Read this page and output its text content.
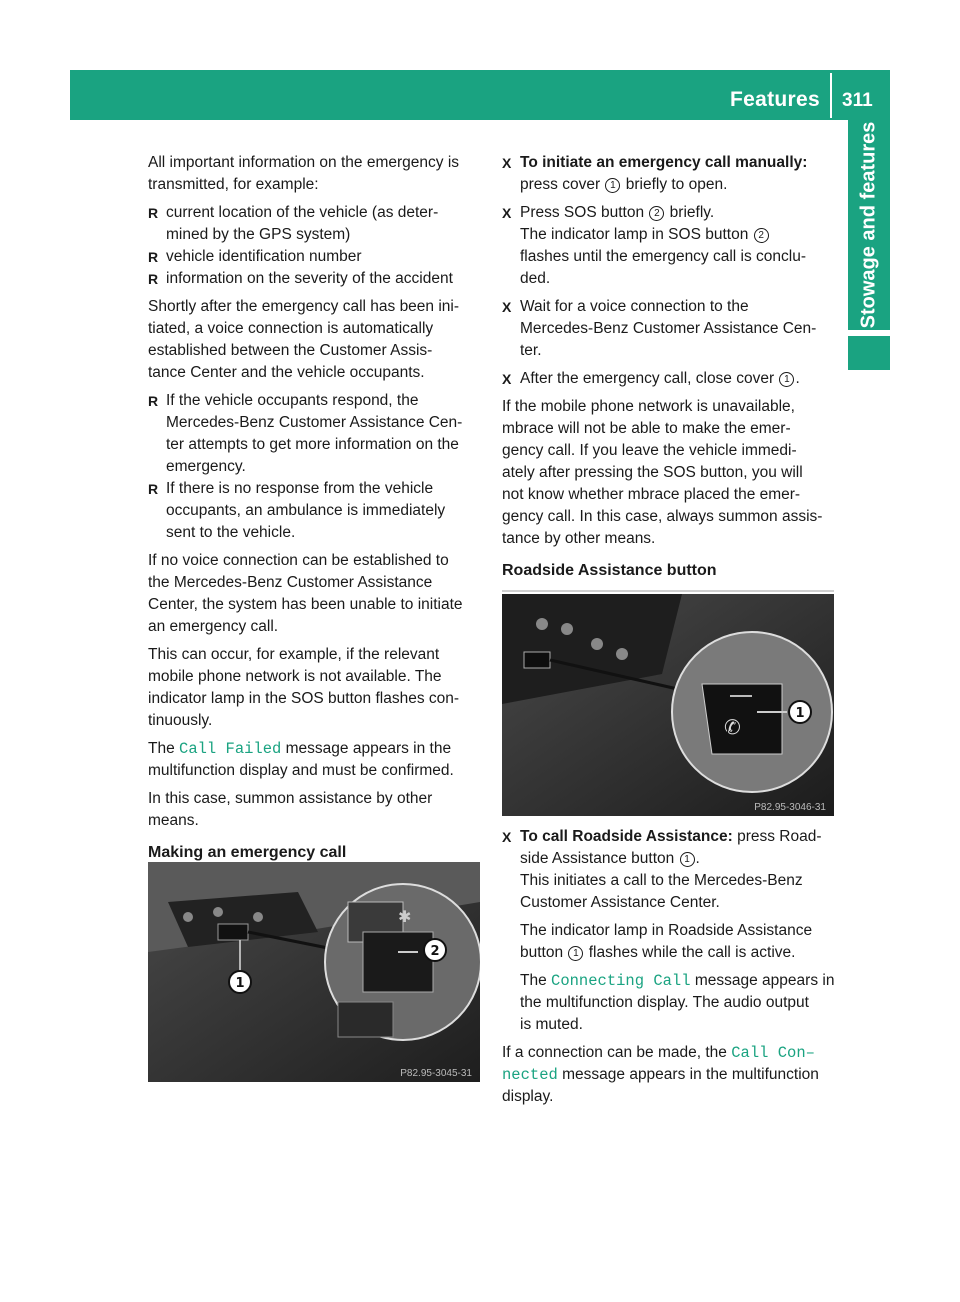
Features 311
Stowage and features
All important information on the emergency is
transmitted, for example:
R current location of the vehicle (as deter-
mined by the GPS system)
R vehicle identification number
R information on the severity of the accident
Shortly after the emergency call has been ini-
tiated, a voice connection is automatically
established between the Customer Assis-
tance Center and the vehicle occupants.
R If the vehicle occupants respond, the
Mercedes-Benz Customer Assistance Cen-
ter attempts to get more information on the
emergency.
R If there is no response from the vehicle
occupants, an ambulance is immediately
sent to the vehicle.
If no voice connection can be established to
the Mercedes-Benz Customer Assistance
Center, the system has been unable to initiate
an emergency call.
This can occur, for example, if the relevant
mobile phone network is not available. The
indicator lamp in the SOS button flashes con-
tinuously.
The Call Failed message appears in the
multifunction display and must be confirmed.
In this case, summon assistance by other
means.
Making an emergency call
✱
2
1
P82.95-3045-31
X To initiate an emergency call manually:
press cover 1 briefly to open.
X Press SOS button 2 briefly.
The indicator lamp in SOS button 2
flashes until the emergency call is conclu-
ded.
X Wait for a voice connection to the
Mercedes-Benz Customer Assistance Cen-
ter.
X After the emergency call, close cover 1 .
If the mobile phone network is unavailable,
mbrace will not be able to make the emer-
gency call. If you leave the vehicle immedi-
ately after pressing the SOS button, you will
not know whether mbrace placed the emer-
gency call. In this case, always summon assis-
tance by other means.
Roadside Assistance button
✆
1
P82.95-3046-31
X To call Roadside Assistance: press Road-
side Assistance button 1 .
This initiates a call to the Mercedes-Benz
Customer Assistance Center.
The indicator lamp in Roadside Assistance
button 1 flashes while the call is active.
The Connecting Call message appears in
the multifunction display. The audio output
is muted.
If a connection can be made, the Call Con–
nected message appears in the multifunction
display.
